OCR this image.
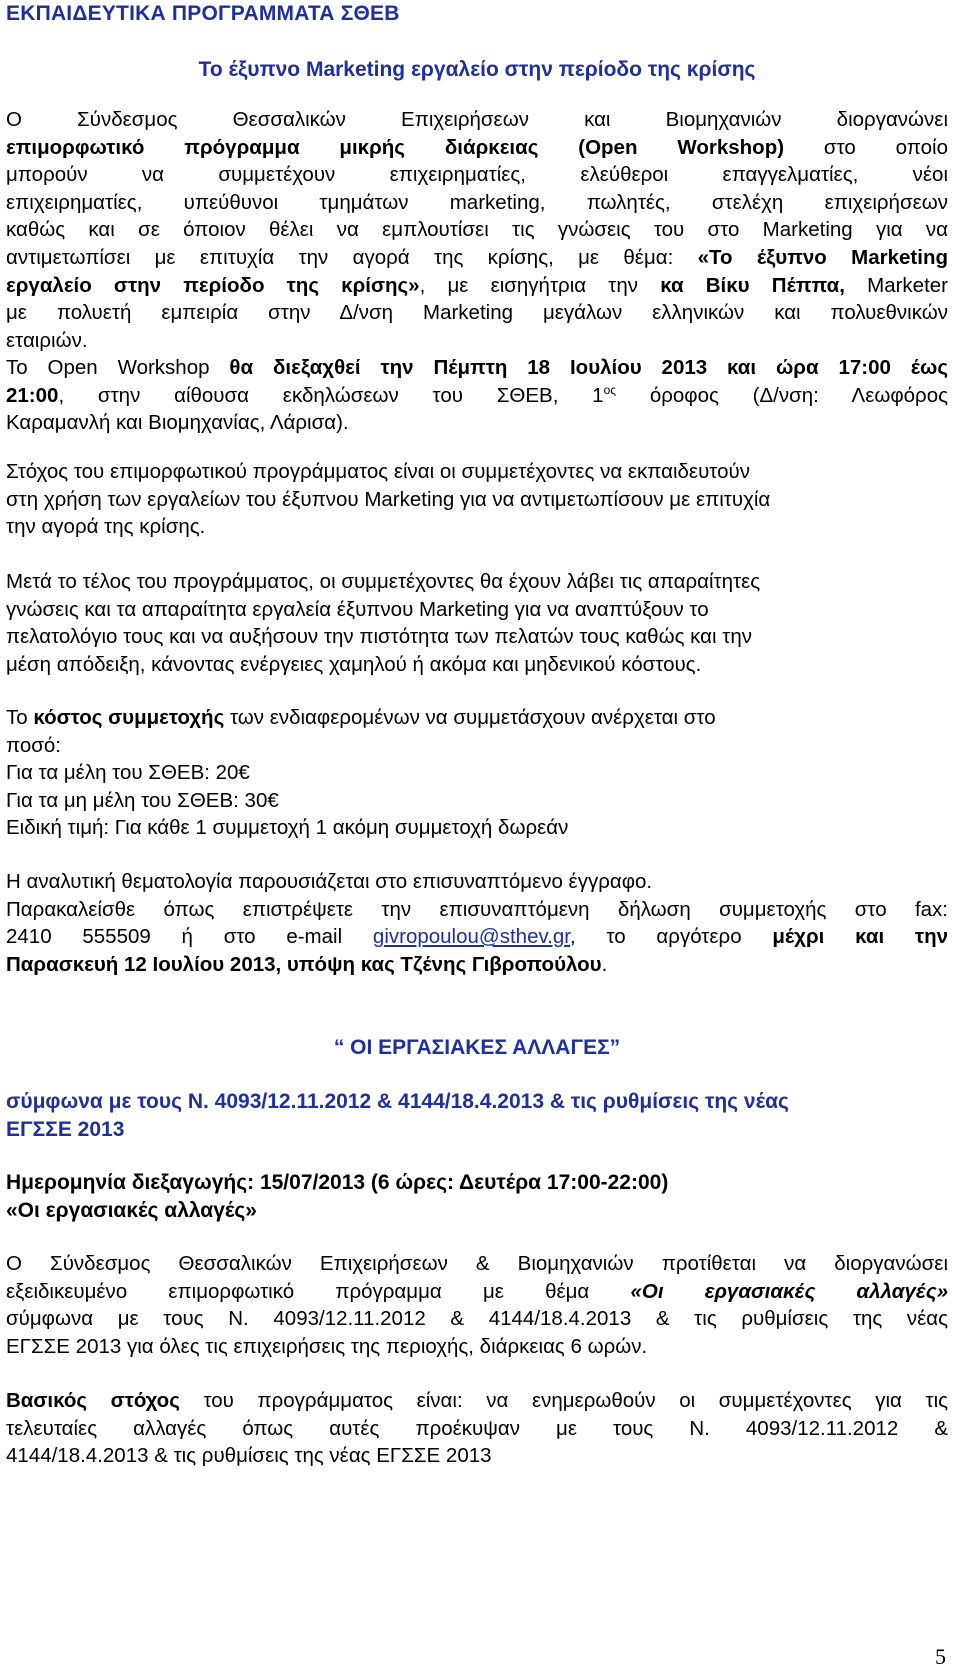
ΕΚΠΑΙΔΕΥΤΙΚΑ ΠΡΟΓΡΑΜΜΑΤΑ ΣΘΕΒ
Το έξυπνο Marketing εργαλείο στην περίοδο της κρίσης
Ο Σύνδεσμος Θεσσαλικών Επιχειρήσεων και Βιομηχανιών διοργανώνει
επιμορφωτικό πρόγραμμα μικρής διάρκειας (Open Workshop) στο οποίο
μπορούν να συμμετέχουν επιχειρηματίες, ελεύθεροι επαγγελματίες, νέοι
επιχειρηματίες, υπεύθυνοι τμημάτων marketing, πωλητές, στελέχη επιχειρήσεων
καθώς και σε όποιον θέλει να εμπλουτίσει τις γνώσεις του στο Marketing για να
αντιμετωπίσει με επιτυχία την αγορά της κρίσης, με θέμα: «Το έξυπνο Marketing
εργαλείο στην περίοδο της κρίσης», με εισηγήτρια την κα Βίκυ Πέππα, Marketer
με πολυετή εμπειρία στην Δ/νση Marketing μεγάλων ελληνικών και πολυεθνικών
εταιριών.
Το Open Workshop θα διεξαχθεί την Πέμπτη 18 Ιουλίου 2013 και ώρα 17:00 έως
21:00, στην αίθουσα εκδηλώσεων του ΣΘΕΒ, $1^{o\varsigma}$ όροφος (Δ/νση: Λεωφόρος
Καραμανλή και Βιομηχανίας, Λάρισα).
Στόχος του επιμορφωτικού προγράμματος είναι οι συμμετέχοντες να εκπαιδευτούν
στη χρήση των εργαλείων του έξυπνου Marketing για να αντιμετωπίσουν με επιτυχία
την αγορά της κρίσης.
Μετά το τέλος του προγράμματος, οι συμμετέχοντες θα έχουν λάβει τις απαραίτητες
γνώσεις και τα απαραίτητα εργαλεία έξυπνου Marketing για να αναπτύξουν το
πελατολόγιο τους και να αυξήσουν την πιστότητα των πελατών τους καθώς και την
μέση απόδειξη, κάνοντας ενέργειες χαμηλού ή ακόμα και μηδενικού κόστους.
Το κόστος συμμετοχής των ενδιαφερομένων να συμμετάσχουν ανέρχεται στο
ποσό:
Για τα μέλη του ΣΘΕΒ: 20€
Για τα μη μέλη του ΣΘΕΒ: 30€
Ειδική τιμή: Για κάθε 1 συμμετοχή 1 ακόμη συμμετοχή δωρεάν
Η αναλυτική θεματολογία παρουσιάζεται στο επισυναπτόμενο έγγραφο.
Παρακαλείσθε όπως επιστρέψετε την επισυναπτόμενη δήλωση συμμετοχής στο fax:
2410 555509 ή στο e-mail givropoulou@sthev.gr, το αργότερο μέχρι και την
Παρασκευή 12 Ιουλίου 2013, υπόψη κας Τζένης Γιβροπούλου.
“ ΟΙ ΕΡΓΑΣΙΑΚΕΣ ΑΛΛΑΓΕΣ”
σύμφωνα με τους Ν. 4093/12.11.2012 & 4144/18.4.2013 & τις ρυθμίσεις της νέας
ΕΓΣΣΕ 2013
Ημερομηνία διεξαγωγής: 15/07/2013 (6 ώρες: Δευτέρα 17:00-22:00)
«Οι εργασιακές αλλαγές»
Ο Σύνδεσμος Θεσσαλικών Επιχειρήσεων & Βιομηχανιών προτίθεται να διοργανώσει
εξειδικευμένο επιμορφωτικό πρόγραμμα με θέμα «Οι εργασιακές αλλαγές»
σύμφωνα με τους Ν. 4093/12.11.2012 & 4144/18.4.2013 & τις ρυθμίσεις της νέας
ΕΓΣΣΕ 2013 για όλες τις επιχειρήσεις της περιοχής, διάρκειας 6 ωρών.
Βασικός στόχος του προγράμματος είναι: να ενημερωθούν οι συμμετέχοντες για τις
τελευταίες αλλαγές όπως αυτές προέκυψαν με τους Ν. 4093/12.11.2012 &
4144/18.4.2013 & τις ρυθμίσεις της νέας ΕΓΣΣΕ 2013
5
